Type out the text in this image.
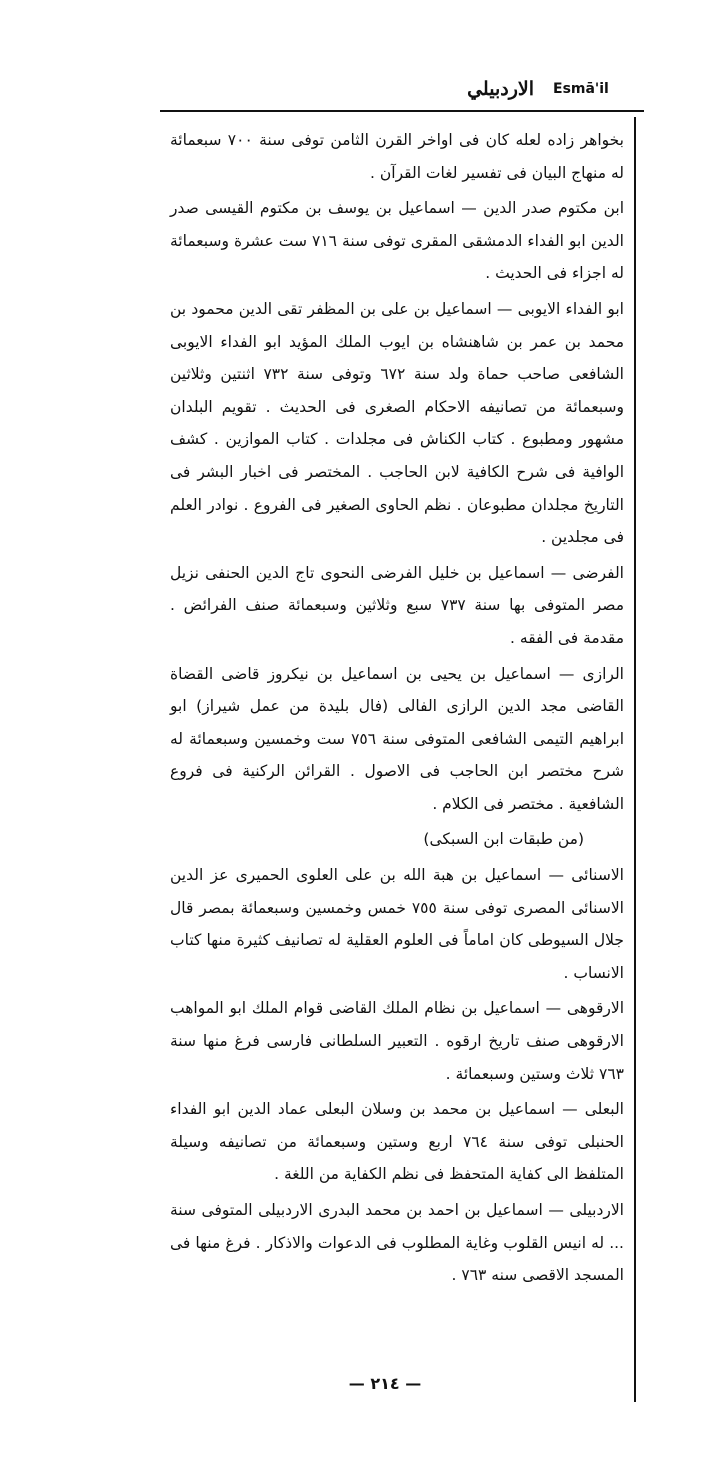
الاردبيلي Esmā'il

بخواهر زاده لعله كان فى اواخر القرن الثامن توفى سنة ٧٠٠ سبعمائة له منهاج البيان فى تفسير لغات القرآن .

ابن مكتوم صدر الدين — اسماعيل بن يوسف بن مكتوم القيسى صدر الدين ابو الفداء الدمشقى المقرى توفى سنة ٧١٦ ست عشرة وسبعمائة له اجزاء فى الحديث .

ابو الفداء الايوبى — اسماعيل بن على بن المظفر تقى الدين محمود بن محمد بن عمر بن شاهنشاه بن ايوب الملك المؤيد ابو الفداء الايوبى الشافعى صاحب حماة ولد سنة ٦٧٢ وتوفى سنة ٧٣٢ اثنتين وثلاثين وسبعمائة من تصانيفه الاحكام الصغرى فى الحديث . تقويم البلدان مشهور ومطبوع . كتاب الكناش فى مجلدات . كتاب الموازين . كشف الوافية فى شرح الكافية لابن الحاجب . المختصر فى اخبار البشر فى التاريخ مجلدان مطبوعان . نظم الحاوى الصغير فى الفروع . نوادر العلم فى مجلدين .

الفرضى — اسماعيل بن خليل الفرضى النحوى تاج الدين الحنفى نزيل مصر المتوفى بها سنة ٧٣٧ سبع وثلاثين وسبعمائة صنف الفرائض . مقدمة فى الفقه .

الرازى — اسماعيل بن يحيى بن اسماعيل بن نيكروز قاضى القضاة القاضى مجد الدين الرازى الفالى (فال بليدة من عمل شيراز) ابو ابراهيم التيمى الشافعى المتوفى سنة ٧٥٦ ست وخمسين وسبعمائة له شرح مختصر ابن الحاجب فى الاصول . القرائن الركنية فى فروع الشافعية . مختصر فى الكلام .

(من طبقات ابن السبكى)

الاسنائى — اسماعيل بن هبة الله بن على العلوى الحميرى عز الدين الاسنائى المصرى توفى سنة ٧٥٥ خمس وخمسين وسبعمائة بمصر قال جلال السيوطى كان اماماً فى العلوم العقلية له تصانيف كثيرة منها كتاب الانساب .

الارقوهى — اسماعيل بن نظام الملك القاضى قوام الملك ابو المواهب الارقوهى صنف تاريخ ارقوه . التعبير السلطانى فارسى فرغ منها سنة ٧٦٣ ثلاث وستين وسبعمائة .

البعلى — اسماعيل بن محمد بن وسلان البعلى عماد الدين ابو الفداء الحنبلى توفى سنة ٧٦٤ اربع وستين وسبعمائة من تصانيفه وسيلة المتلفظ الى كفاية المتحفظ فى نظم الكفاية من اللغة .

الاردبيلى — اسماعيل بن احمد بن محمد البدرى الاردبيلى المتوفى سنة ... له انيس القلوب وغاية المطلوب فى الدعوات والاذكار . فرغ منها فى المسجد الاقصى سنه ٧٦٣ .

— ٢١٤ —
